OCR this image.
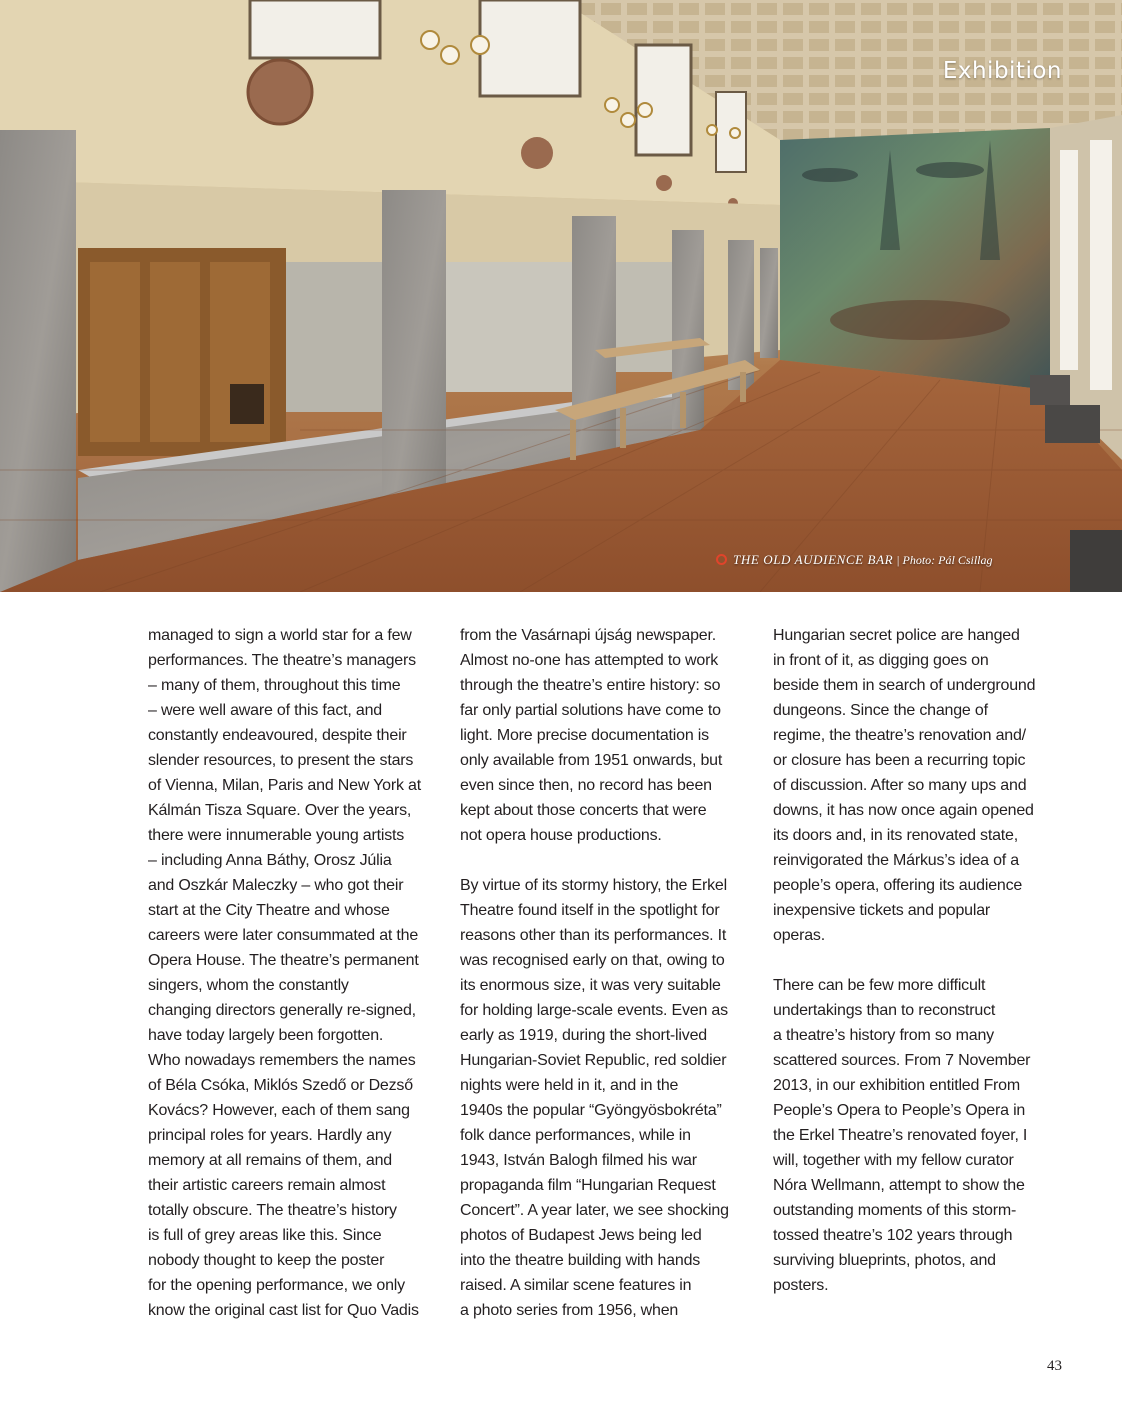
Exhibition
THE OLD AUDIENCE BAR | Photo: Pál Csillag
managed to sign a world star for a few
performances. The theatre’s managers
– many of them, throughout this time
– were well aware of this fact, and
constantly endeavoured, despite their
slender resources, to present the stars
of Vienna, Milan, Paris and New York at
Kálmán Tisza Square. Over the years,
there were innumerable young artists
– including Anna Báthy, Orosz Júlia
and Oszkár Maleczky – who got their
start at the City Theatre and whose
careers were later consummated at the
Opera House. The theatre’s permanent
singers, whom the constantly
changing directors generally re-signed,
have today largely been forgotten.
Who nowadays remembers the names
of Béla Csóka, Miklós Szedő or Dezső
Kovács? However, each of them sang
principal roles for years. Hardly any
memory at all remains of them, and
their artistic careers remain almost
totally obscure. The theatre’s history
is full of grey areas like this. Since
nobody thought to keep the poster
for the opening performance, we only
know the original cast list for Quo Vadis
from the Vasárnapi újság newspaper.
Almost no-one has attempted to work
through the theatre’s entire history: so
far only partial solutions have come to
light. More precise documentation is
only available from 1951 onwards, but
even since then, no record has been
kept about those concerts that were
not opera house productions.
By virtue of its stormy history, the Erkel
Theatre found itself in the spotlight for
reasons other than its performances. It
was recognised early on that, owing to
its enormous size, it was very suitable
for holding large-scale events. Even as
early as 1919, during the short-lived
Hungarian-Soviet Republic, red soldier
nights were held in it, and in the
1940s the popular “Gyöngyösbokréta”
folk dance performances, while in
1943, István Balogh filmed his war
propaganda film “Hungarian Request
Concert”. A year later, we see shocking
photos of Budapest Jews being led
into the theatre building with hands
raised. A similar scene features in
a photo series from 1956, when
Hungarian secret police are hanged
in front of it, as digging goes on
beside them in search of underground
dungeons. Since the change of
regime, the theatre’s renovation and/
or closure has been a recurring topic
of discussion. After so many ups and
downs, it has now once again opened
its doors and, in its renovated state,
reinvigorated the Márkus’s idea of a
people’s opera, offering its audience
inexpensive tickets and popular
operas.
There can be few more difficult
undertakings than to reconstruct
a theatre’s history from so many
scattered sources. From 7 November
2013, in our exhibition entitled From
People’s Opera to People’s Opera in
the Erkel Theatre’s renovated foyer, I
will, together with my fellow curator
Nóra Wellmann, attempt to show the
outstanding moments of this storm-
tossed theatre’s 102 years through
surviving blueprints, photos, and
posters.
43
